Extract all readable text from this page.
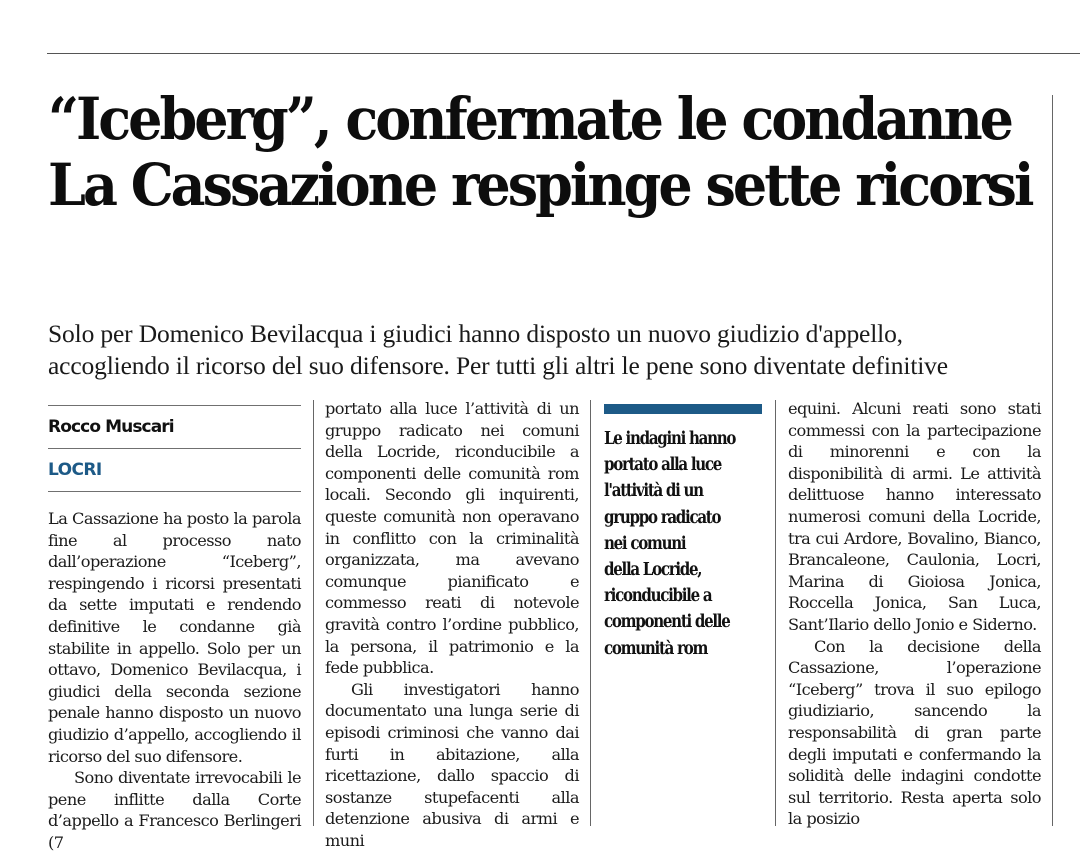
“Iceberg”, confermate le condanne
La Cassazione respinge sette ricorsi
Solo per Domenico Bevilacqua i giudici hanno disposto un nuovo giudizio d'appello,
accogliendo il ricorso del suo difensore. Per tutti gli altri le pene sono diventate definitive
Rocco Muscari
LOCRI

La Cassazione ha posto la parola fine al processo nato dall’operazione “Iceberg”, respingendo i ricorsi presentati da sette imputati e rendendo definitive le condanne già stabilite in appello. Solo per un ottavo, Domenico Bevilacqua, i giudici della seconda sezione penale hanno disposto un nuovo giudizio d’appello, accogliendo il ricorso del suo difensore.

Sono diventate irrevocabili le pene inflitte dalla Corte d’appello a Francesco Berlingeri (7

portato alla luce l’attività di un gruppo radicato nei comuni della Locride, riconducibile a componenti delle comunità rom locali. Secondo gli inquirenti, queste comunità non operavano in conflitto con la criminalità organizzata, ma avevano comunque pianificato e commesso reati di notevole gravità contro l’ordine pubblico, la persona, il patrimonio e la fede pubblica.

Gli investigatori hanno documentato una lunga serie di episodi criminosi che vanno dai furti in abitazione, alla ricettazione, dallo spaccio di sostanze stupefacenti alla detenzione abusiva di armi e muni

Le indagini hanno
portato alla luce
l'attività di un
gruppo radicato
nei comuni
della Locride,
riconducibile a
componenti delle
comunità rom

equini. Alcuni reati sono stati commessi con la partecipazione di minorenni e con la disponibilità di armi. Le attività delittuose hanno interessato numerosi comuni della Locride, tra cui Ardore, Bovalino, Bianco, Brancaleone, Caulonia, Locri, Marina di Gioiosa Jonica, Roccella Jonica, San Luca, Sant’Ilario dello Jonio e Siderno.

Con la decisione della Cassazione, l’operazione “Iceberg” trova il suo epilogo giudiziario, sancendo la responsabilità di gran parte degli imputati e confermando la solidità delle indagini condotte sul territorio. Resta aperta solo la posizio
